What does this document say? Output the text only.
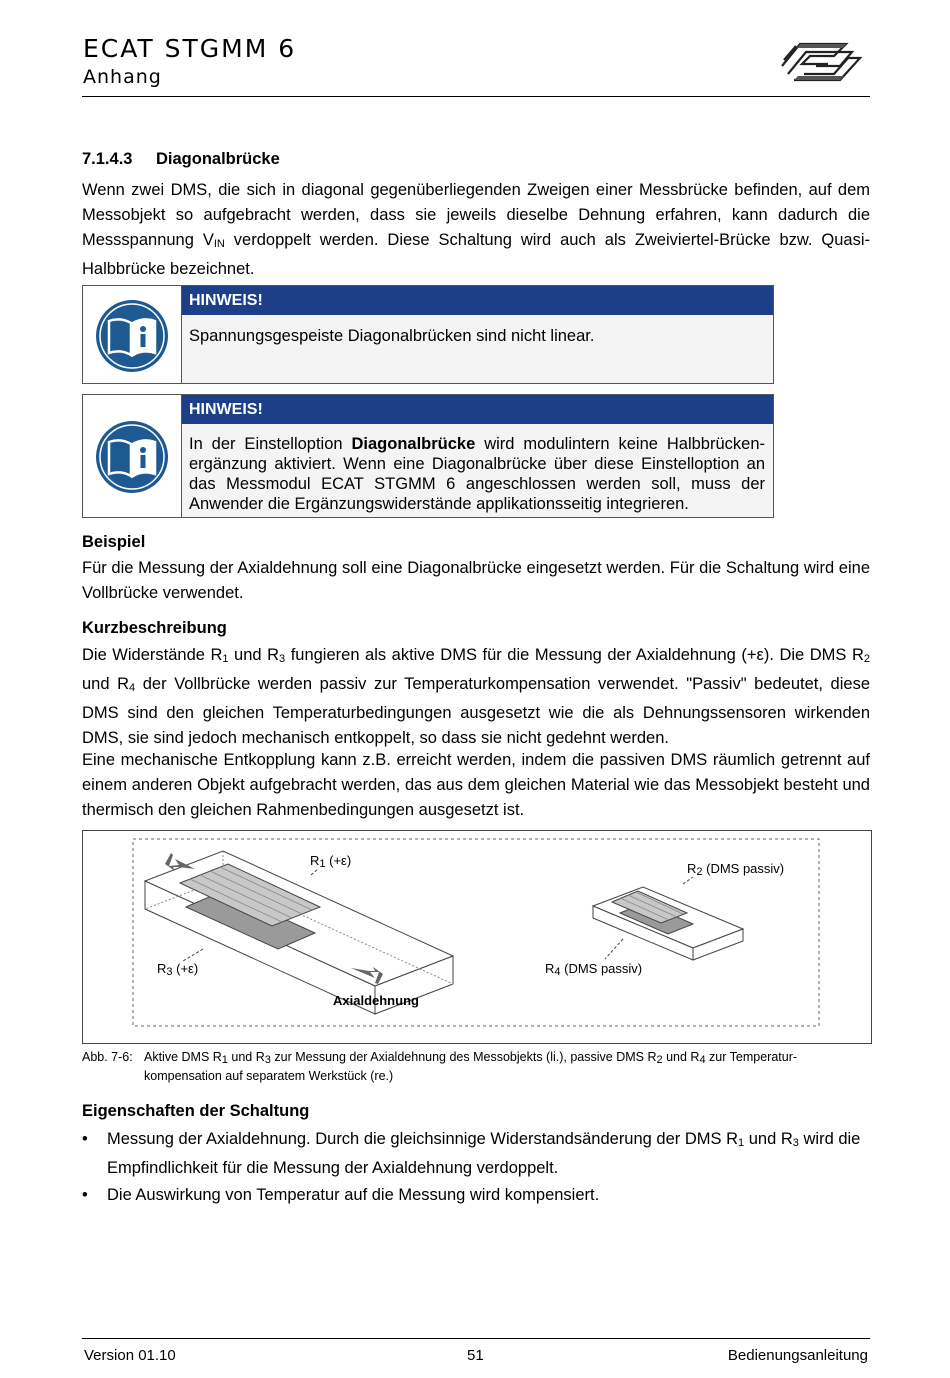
ECAT STGMM 6
Anhang
7.1.4.3 Diagonalbrücke
Wenn zwei DMS, die sich in diagonal gegenüberliegenden Zweigen einer Messbrücke befinden, auf dem Messobjekt so aufgebracht werden, dass sie jeweils dieselbe Dehnung erfahren, kann dadurch die Messspannung $V_{IN}$ verdoppelt werden. Diese Schaltung wird auch als Zweiviertel-Brücke bzw. Quasi-Halbbrücke bezeichnet.
HINWEIS!
Spannungsgespeiste Diagonalbrücken sind nicht linear.
HINWEIS!
In der Einstelloption Diagonalbrücke wird modulintern keine Halbbrücken-ergänzung aktiviert. Wenn eine Diagonalbrücke über diese Einstelloption an das Messmodul ECAT STGMM 6 angeschlossen werden soll, muss der Anwender die Ergänzungswiderstände applikationsseitig integrieren.
Beispiel
Für die Messung der Axialdehnung soll eine Diagonalbrücke eingesetzt werden. Für die Schaltung wird eine Vollbrücke verwendet.
Kurzbeschreibung
Die Widerstände $R_1$ und $R_3$ fungieren als aktive DMS für die Messung der Axialdehnung (+ε). Die DMS $R_2$ und $R_4$ der Vollbrücke werden passiv zur Temperaturkompensation verwendet. "Passiv" bedeutet, diese DMS sind den gleichen Temperaturbedingungen ausgesetzt wie die als Dehnungssensoren wirkenden DMS, sie sind jedoch mechanisch entkoppelt, so dass sie nicht gedehnt werden.
Eine mechanische Entkopplung kann z.B. erreicht werden, indem die passiven DMS räumlich getrennt auf einem anderen Objekt aufgebracht werden, das aus dem gleichen Material wie das Messobjekt besteht und thermisch den gleichen Rahmenbedingungen ausgesetzt ist.
$R_1$ (+ε)
$R_2$ (DMS passiv)
$R_3$ (+ε)	$R_4$ (DMS passiv)
Axialdehnung
Abb. 7-6: Aktive DMS $R_1$ und $R_3$ zur Messung der Axialdehnung des Messobjekts (li.), passive DMS $R_2$ und $R_4$ zur Temperatur-
kompensation auf separatem Werkstück (re.)
Eigenschaften der Schaltung
• Messung der Axialdehnung. Durch die gleichsinnige Widerstandsänderung der DMS $R_1$ und $R_3$ wird die Empfindlichkeit für die Messung der Axialdehnung verdoppelt.
• Die Auswirkung von Temperatur auf die Messung wird kompensiert.
Version 01.10	51	Bedienungsanleitung
